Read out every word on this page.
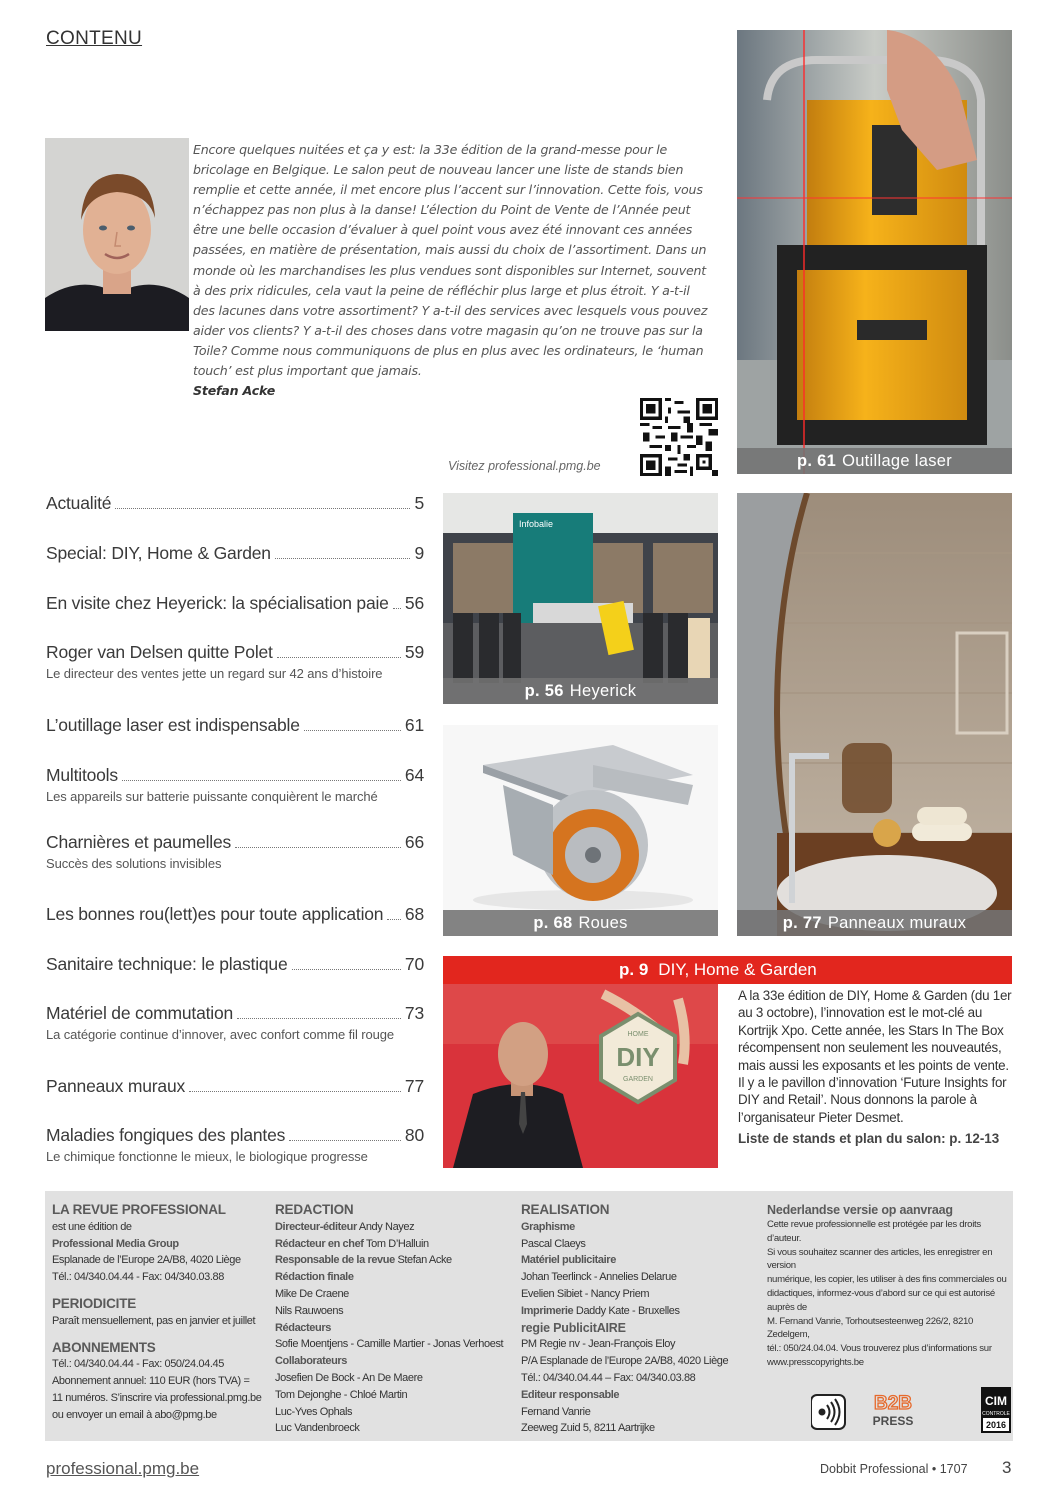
CONTENU
Encore quelques nuitées et ça y est: la 33e édition de la grand-messe pour le bricolage en Belgique. Le salon peut de nouveau lancer une liste de stands bien remplie et cette année, il met encore plus l’accent sur l’innovation. Cette fois, vous n’échappez pas non plus à la danse! L’élection du Point de Vente de l’Année peut être une belle occasion d’évaluer à quel point vous avez été innovant ces années passées, en matière de présentation, mais aussi du choix de l’assortiment. Dans un monde où les marchandises les plus vendues sont disponibles sur Internet, souvent à des prix ridicules, cela vaut la peine de réfléchir plus large et plus étroit. Y a-t-il des lacunes dans votre assortiment? Y a-t-il des services avec lesquels vous pouvez aider vos clients? Y a-t-il des choses dans votre magasin qu’on ne trouve pas sur la Toile? Comme nous communiquons de plus en plus avec les ordinateurs, le ‘human touch’ est plus important que jamais.
Stefan Acke
Visitez professional.pmg.be	p. 61 Outillage laser
Infobalie
p. 56 Heyerick
p. 68 Roues	p. 77 Panneaux muraux
Actualité	5
Special: DIY, Home & Garden	9
En visite chez Heyerick: la spécialisation paie 56
Roger van Delsen quitte Polet	59
Le directeur des ventes jette un regard sur 42 ans d’histoire
L’outillage laser est indispensable	61
Multitools	64
Les appareils sur batterie puissante conquièrent le marché
Charnières et paumelles	66
Succès des solutions invisibles
Les bonnes rou(lett)es pour toute application 68
Sanitaire technique: le plastique	70
Matériel de commutation	73
La catégorie continue d’innover, avec confort comme fil rouge
Panneaux muraux	77
Maladies fongiques des plantes	80
Le chimique fonctionne le mieux, le biologique progresse
p. 9 DIY, Home & Garden
HOME
DIY
GARDEN
A la 33e édition de DIY, Home & Garden (du 1er au 3 octobre), l’innovation est le mot-clé au Kortrijk Xpo. Cette année, les Stars In The Box récompensent non seulement les nouveautés, mais aussi les exposants et les points de vente. Il y a le pavillon d’innovation ‘Future Insights for DIY and Retail’. Nous donnons la parole à l’organisateur Pieter Desmet.
Liste de stands et plan du salon: p. 12-13
LA REVUE PROFESSIONAL
est une édition de
Professional Media Group
Esplanade de l’Europe 2A/B8, 4020 Liège
Tél.: 04/340.04.44 - Fax: 04/340.03.88
PERIODICITE
Paraît mensuellement, pas en janvier et juillet
ABONNEMENTS
Tél.: 04/340.04.44 - Fax: 050/24.04.45
Abonnement annuel: 110 EUR (hors TVA) =
11 numéros. S’inscrire via professional.pmg.be
ou envoyer un email à abo@pmg.be
REDACTION
Directeur-éditeur Andy Nayez
Rédacteur en chef Tom D’Halluin
Responsable de la revue Stefan Acke
Rédaction finale
Mike De Craene
Nils Rauwoens
Rédacteurs
Sofie Moentjens - Camille Martier - Jonas Verhoest
Collaborateurs
Josefien De Bock - An De Maere
Tom Dejonghe - Chloé Martin
Luc-Yves Ophals
Luc Vandenbroeck
REALISATION
Graphisme
Pascal Claeys
Matériel publicitaire
Johan Teerlinck - Annelies Delarue
Evelien Sibiet - Nancy Priem
Imprimerie Daddy Kate - Bruxelles
regie PublicitAIRE
PM Regie nv - Jean-François Eloy
P/A Esplanade de l’Europe 2A/B8, 4020 Liège
Tél.: 04/340.04.44 – Fax: 04/340.03.88
Editeur responsable
Fernand Vanrie
Zeeweg Zuid 5, 8211 Aartrijke
Nederlandse versie op aanvraag
Cette revue professionnelle est protégée par les droits d’auteur.
Si vous souhaitez scanner des articles, les enregistrer en version
numérique, les copier, les utiliser à des fins commerciales ou
didactiques, informez-vous d’abord sur ce qui est autorisé auprès de
M. Fernand Vanrie, Torhoutsesteenweg 226/2, 8210 Zedelgem,
tél.: 050/24.04.04. Vous trouverez plus d’informations sur
www.presscopyrights.be
B2B
PRESS
CIM
CONTROLE
2016
professional.pmg.be	Dobbit Professional • 1707 3
